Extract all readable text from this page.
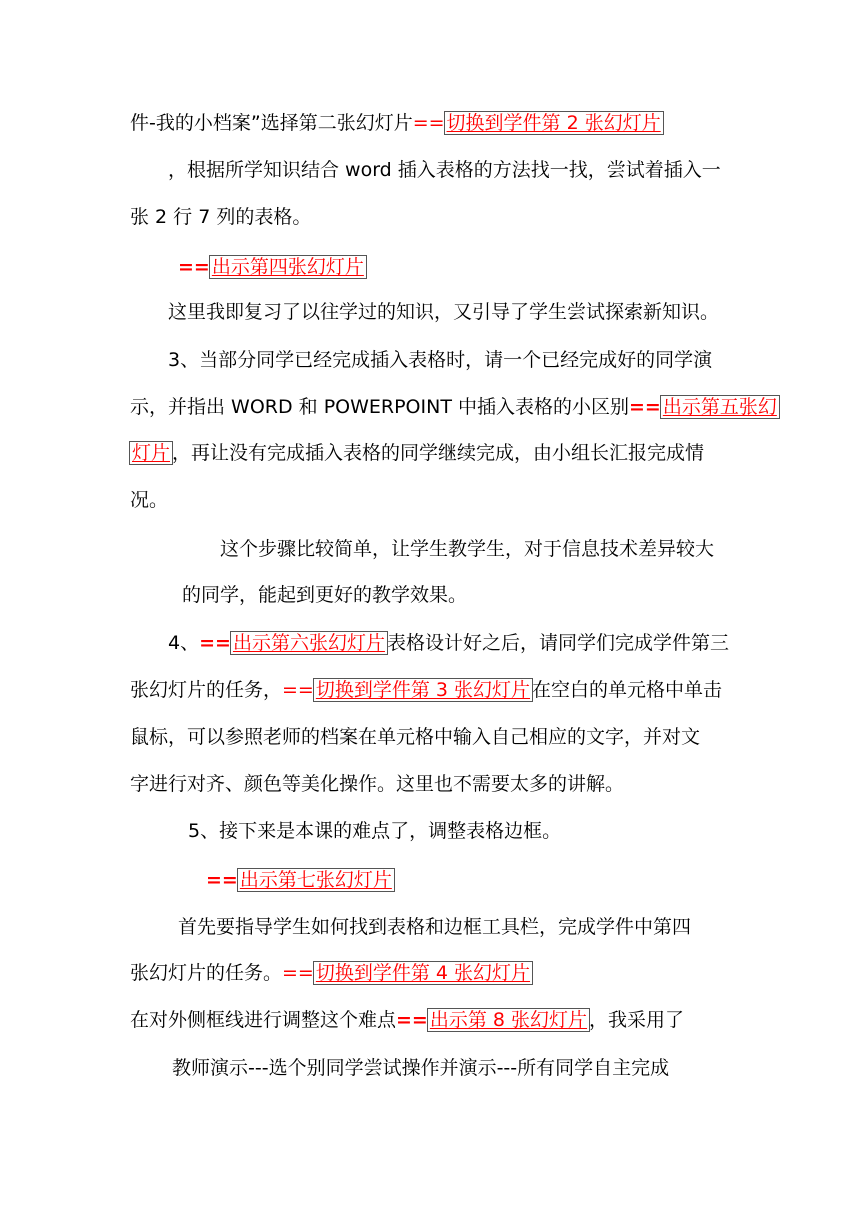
件-我的小档案”选择第二张幻灯片== 切换到学件第 2 张幻灯片
，根据所学知识结合 word 插入表格的方法找一找，尝试着插入一
张 2 行 7 列的表格。
== 出示第四张幻灯片
这里我即复习了以往学过的知识，又引导了学生尝试探索新知识。
3、当部分同学已经完成插入表格时，请一个已经完成好的同学演
示，并指出 WORD 和 POWERPOINT 中插入表格的小区别== 出示第五张幻
灯片 ，再让没有完成插入表格的同学继续完成，由小组长汇报完成情
况。
这个步骤比较简单，让学生教学生，对于信息技术差异较大
的同学，能起到更好的教学效果。
4、== 出示第六张幻灯片 表格设计好之后，请同学们完成学件第三
张幻灯片的任务，== 切换到学件第 3 张幻灯片 在空白的单元格中单击
鼠标，可以参照老师的档案在单元格中输入自己相应的文字，并对文
字进行对齐、颜色等美化操作。这里也不需要太多的讲解。
5、接下来是本课的难点了，调整表格边框。
== 出示第七张幻灯片
首先要指导学生如何找到表格和边框工具栏，完成学件中第四
张幻灯片的任务。== 切换到学件第 4 张幻灯片
在对外侧框线进行调整这个难点== 出示第 8 张幻灯片 ，我采用了
教师演示---选个别同学尝试操作并演示---所有同学自主完成
